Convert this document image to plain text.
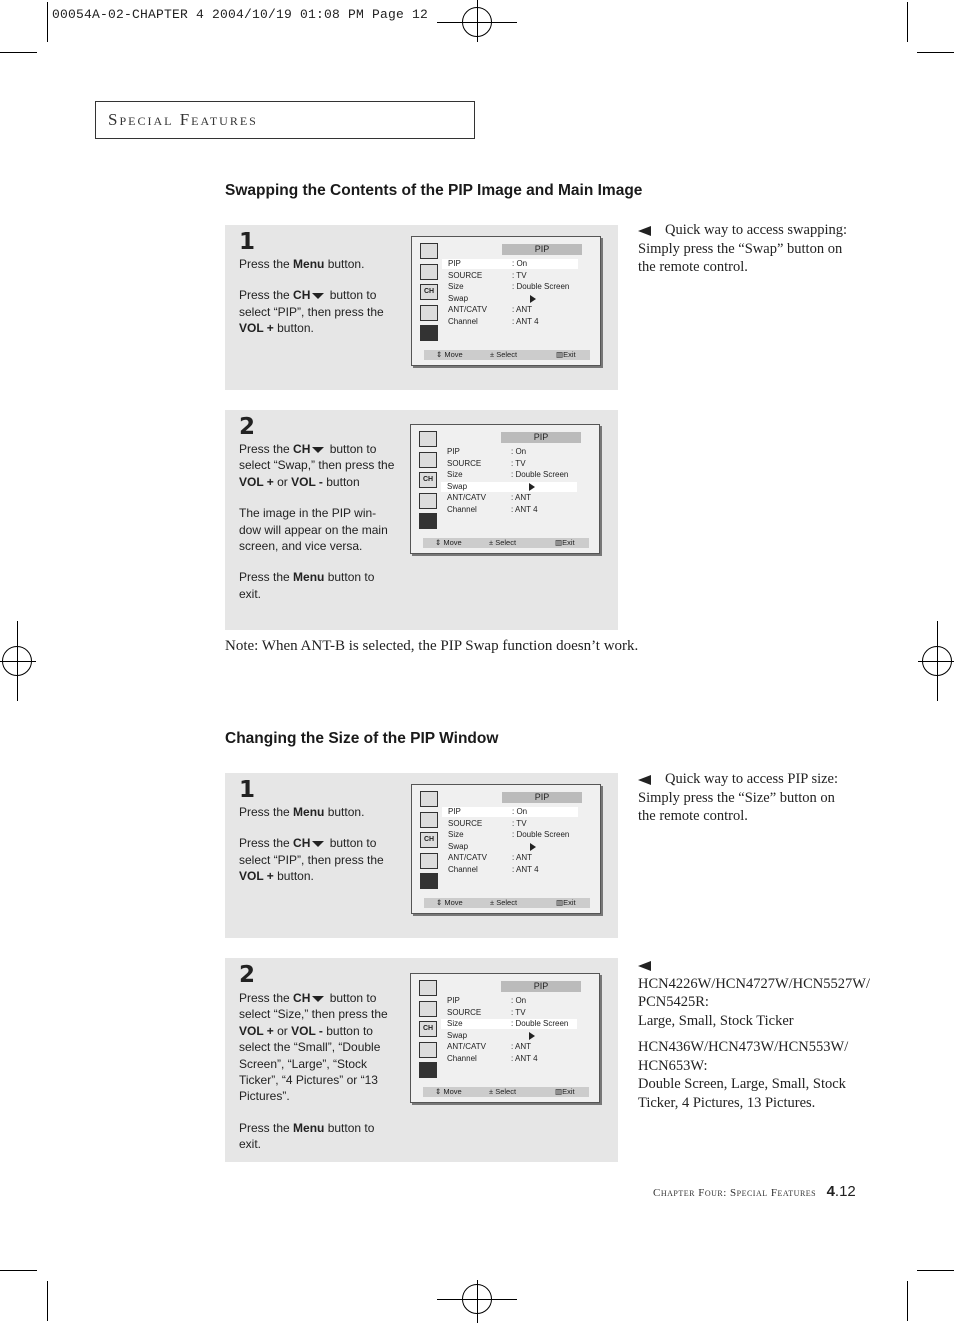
00054A-02-CHAPTER 4 2004/10/19 01:08 PM Page 12
Special Features
Swapping the Contents of the PIP Image and Main Image
1

Press the Menu button.

Press the CH button to select “PIP”, then press the VOL + button.

CH
PIP
PIP	: On
SOURCE	: TV
Size	: Double Screen
Swap
ANT/CATV	: ANT
Channel	: ANT 4
⇕ Move	± Select	▥Exit
2

Press the CH button to select “Swap,” then press the VOL + or VOL - button

The image in the PIP win-dow will appear on the main screen, and vice versa.

Press the Menu button to exit.

CH
PIP
PIP	: On
SOURCE	: TV
Size	: Double Screen
Swap
ANT/CATV	: ANT
Channel	: ANT 4
⇕ Move	± Select	▥Exit
Quick way to access swapping:
Simply press the “Swap” button on
the remote control.
Note: When ANT-B is selected, the PIP Swap function doesn’t work.
Changing the Size of the PIP Window
1

Press the Menu button.

Press the CH button to select “PIP”, then press the VOL + button.

CH
PIP
PIP	: On
SOURCE	: TV
Size	: Double Screen
Swap
ANT/CATV	: ANT
Channel	: ANT 4
⇕ Move	± Select	▥Exit
2

Press the CH button to select “Size,” then press the VOL + or VOL - button to select the “Small”, “Double Screen”, “Large”, “Stock Ticker”, “4 Pictures” or “13 Pictures”.

Press the Menu button to exit.

CH
PIP
PIP	: On
SOURCE	: TV
Size	: Double Screen
Swap
ANT/CATV	: ANT
Channel	: ANT 4
⇕ Move	± Select	▥Exit
Quick way to access PIP size:
Simply press the “Size” button on
the remote control.
HCN4226W/HCN4727W/HCN5527W/
PCN5425R:
Large, Small, Stock Ticker
HCN436W/HCN473W/HCN553W/
HCN653W:
Double Screen, Large, Small, Stock
Ticker, 4 Pictures, 13 Pictures.
Chapter Four: Special Features 4.12
